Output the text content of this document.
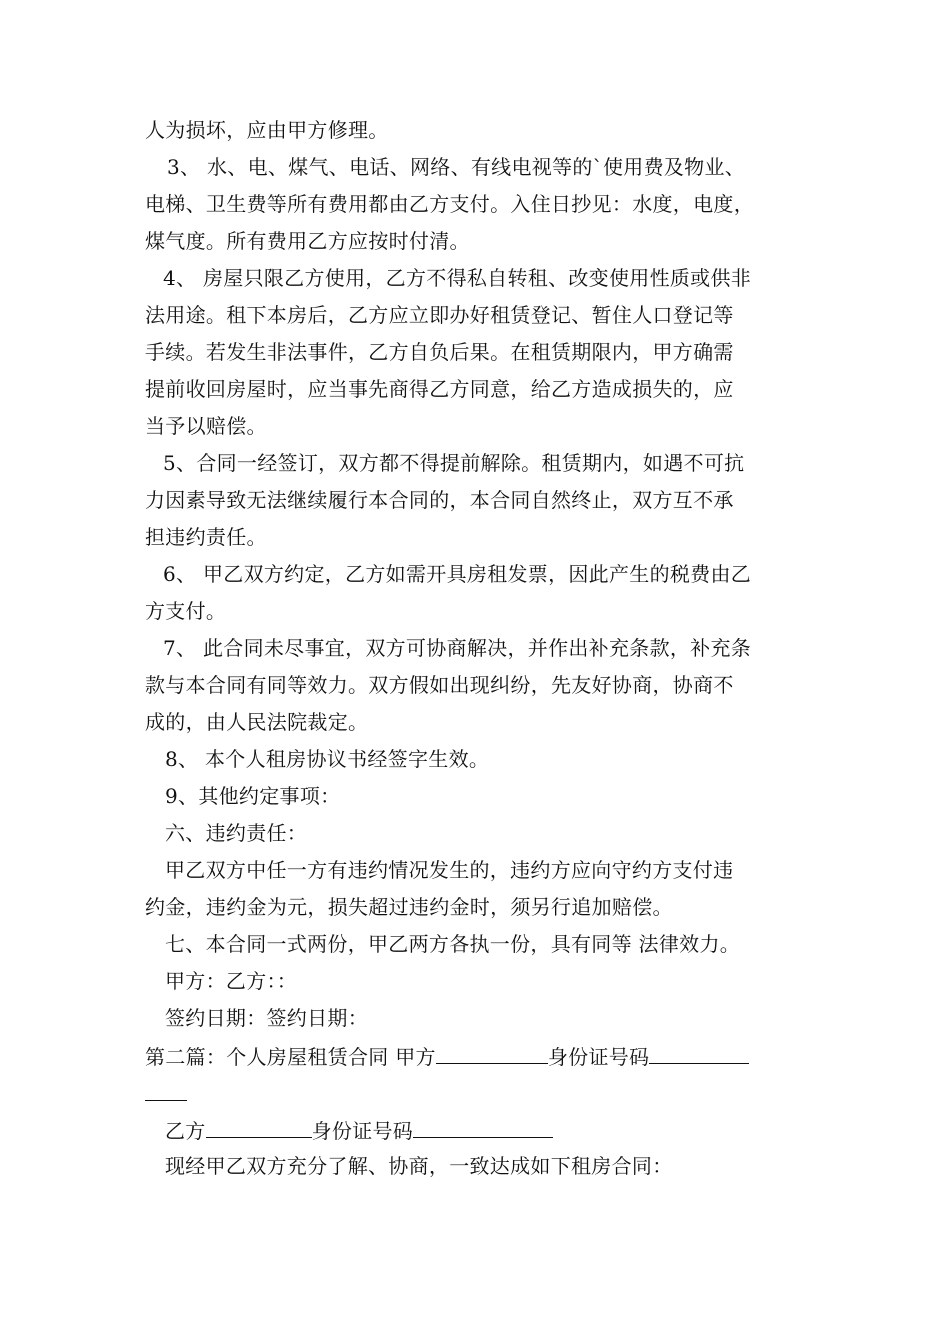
人为损坏，应由甲方修理。
3、 水、电、煤气、电话、网络、有线电视等的`使用费及物业、
电梯、卫生费等所有费用都由乙方支付。入住日抄见：水度，电度，
煤气度。所有费用乙方应按时付清。
4、 房屋只限乙方使用，乙方不得私自转租、改变使用性质或供非
法用途。租下本房后，乙方应立即办好租赁登记、暂住人口登记等
手续。若发生非法事件，乙方自负后果。在租赁期限内，甲方确需
提前收回房屋时，应当事先商得乙方同意，给乙方造成损失的，应
当予以赔偿。
5、合同一经签订，双方都不得提前解除。租赁期内，如遇不可抗
力因素导致无法继续履行本合同的，本合同自然终止，双方互不承
担违约责任。
6、 甲乙双方约定，乙方如需开具房租发票，因此产生的税费由乙
方支付。
7、 此合同未尽事宜，双方可协商解决，并作出补充条款，补充条
款与本合同有同等效力。双方假如出现纠纷，先友好协商，协商不
成的，由人民法院裁定。
8、 本个人租房协议书经签字生效。
9、其他约定事项：
六、违约责任：
甲乙双方中任一方有违约情况发生的，违约方应向守约方支付违
约金，违约金为元，损失超过违约金时，须另行追加赔偿。
七、本合同一式两份，甲乙两方各执一份，具有同等 法律效力。
甲方：乙方：：
签约日期：签约日期：
第二篇：个人房屋租赁合同 甲方	身份证号码
乙方	身份证号码
现经甲乙双方充分了解、协商，一致达成如下租房合同：
